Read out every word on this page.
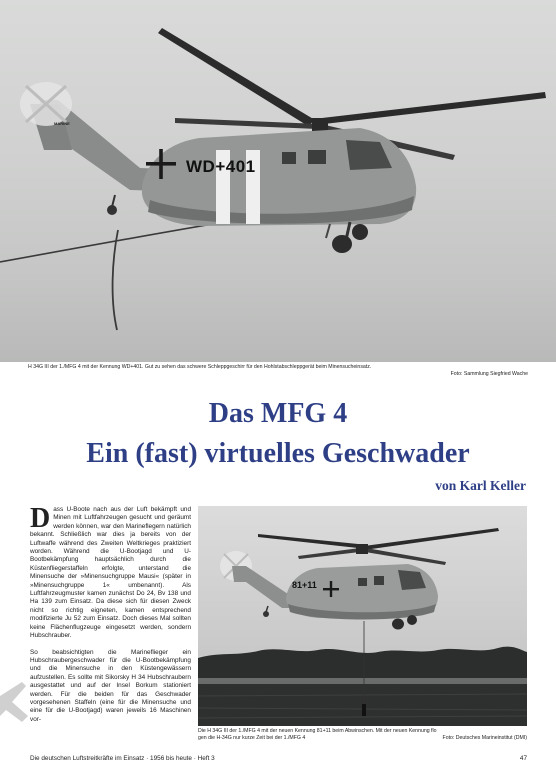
WD+401
MARINE
H 34G III der 1./MFG 4 mit der Kennung WD+401. Gut zu sehen das schwere Schleppgeschirr für den Hohlstabschleppgerät beim Minensucheinsatz.
Foto: Sammlung Siegfried Wache
Das MFG 4
Ein (fast) virtuelles Geschwader
von Karl Keller

Dass U-Boote nach aus der Luft bekämpft und Minen mit Luftfahrzeugen gesucht und geräumt werden können, war den Marineflegern natürlich bekannt. Schließlich war dies ja bereits von der Luftwaffe während des Zweiten Weltkrieges praktiziert worden. Während die U-Bootjagd und U-Bootbekämpfung hauptsächlich durch die Küstenfliegerstaffeln erfolgte, unterstand die Minensuche der »Minensuchgruppe Mausi« (später in »Minensuchgruppe 1« umbenannt). Als Luftfahrzeugmuster kamen zunächst Do 24, Bv 138 und Ha 139 zum Einsatz. Da diese sich für diesen Zweck nicht so richtig eigneten, kamen entsprechend modifizierte Ju 52 zum Einsatz. Doch dieses Mal sollten keine Flächenflugzeuge eingesetzt werden, sondern Hubschrauber.

So beabsichtigten die Marineflieger ein Hubschraubergeschwader für die U-Bootbekämpfung und die Minensuche in den Küstengewässern aufzustellen. Es sollte mit Sikorsky H 34 Hubschraubern ausgestattet und auf der Insel Borkum stationiert werden. Für die beiden für das Geschwader vorgesehenen Staffeln (eine für die Minensuche und eine für die U-Bootjagd) waren jeweils 16 Maschinen vor-

81+11
Die H 34G III der 1./MFG 4 mit der neuen Kennung 81+11 beim Abwinschen. Mit der neuen Kennung flo
gen die H-34G nur kurze Zeit bei der 1./MFG 4	Foto: Deutsches Marineinstitut (DMI)
Die deutschen Luftstreitkräfte im Einsatz · 1956 bis heute · Heft 3	47
